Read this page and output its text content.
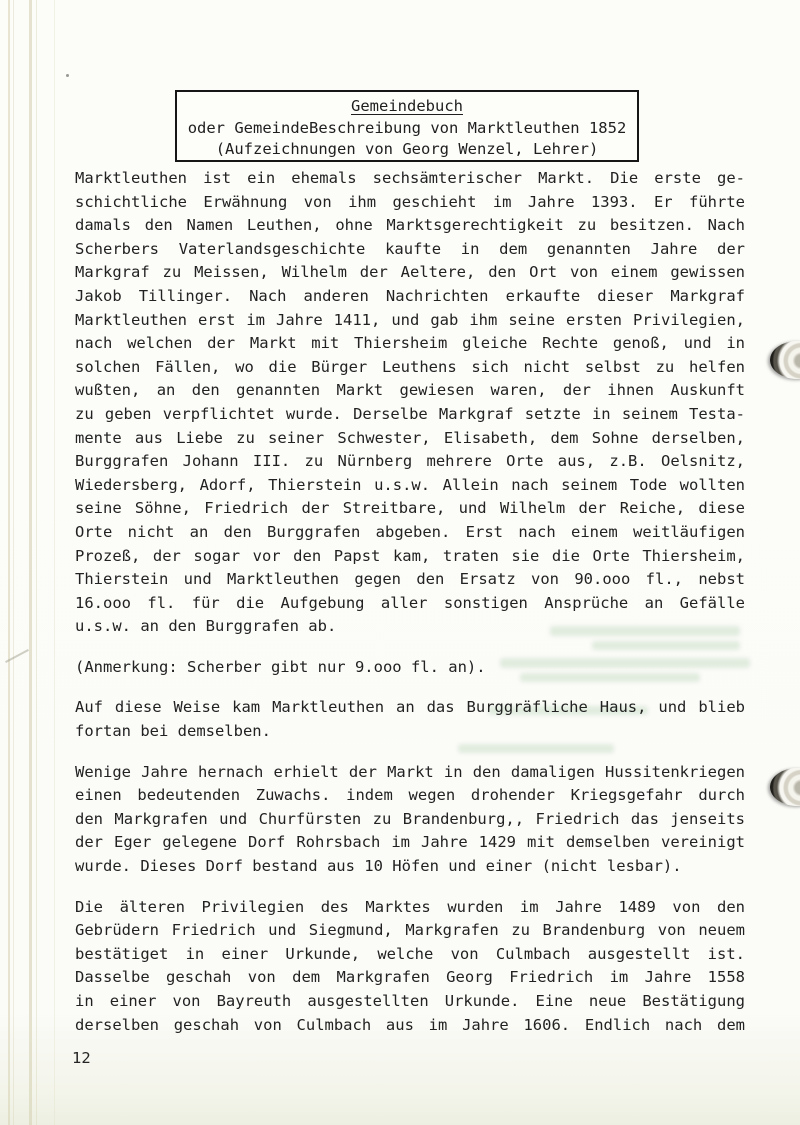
Gemeindebuch
oder GemeindeBeschreibung von Marktleuthen 1852
(Aufzeichnungen von Georg Wenzel, Lehrer)
Marktleuthen ist ein ehemals sechsämterischer Markt. Die erste ge-
schichtliche Erwähnung von ihm geschieht im Jahre 1393. Er führte
damals den Namen Leuthen, ohne Marktsgerechtigkeit zu besitzen. Nach
Scherbers Vaterlandsgeschichte kaufte in dem genannten Jahre der
Markgraf zu Meissen, Wilhelm der Aeltere, den Ort von einem gewissen
Jakob Tillinger. Nach anderen Nachrichten erkaufte dieser Markgraf
Marktleuthen erst im Jahre 1411, und gab ihm seine ersten Privilegien,
nach welchen der Markt mit Thiersheim gleiche Rechte genoß, und in
solchen Fällen, wo die Bürger Leuthens sich nicht selbst zu helfen
wußten, an den genannten Markt gewiesen waren, der ihnen Auskunft
zu geben verpflichtet wurde. Derselbe Markgraf setzte in seinem Testa-
mente aus Liebe zu seiner Schwester, Elisabeth, dem Sohne derselben,
Burggrafen Johann III. zu Nürnberg mehrere Orte aus, z.B. Oelsnitz,
Wiedersberg, Adorf, Thierstein u.s.w. Allein nach seinem Tode wollten
seine Söhne, Friedrich der Streitbare, und Wilhelm der Reiche, diese
Orte nicht an den Burggrafen abgeben. Erst nach einem weitläufigen
Prozeß, der sogar vor den Papst kam, traten sie die Orte Thiersheim,
Thierstein und Marktleuthen gegen den Ersatz von 90.ooo fl., nebst
16.ooo fl. für die Aufgebung aller sonstigen Ansprüche an Gefälle
u.s.w. an den Burggrafen ab.
(Anmerkung: Scherber gibt nur 9.ooo fl. an).
Auf diese Weise kam Marktleuthen an das Burggräfliche Haus, und blieb
fortan bei demselben.
Wenige Jahre hernach erhielt der Markt in den damaligen Hussitenkriegen
einen bedeutenden Zuwachs. indem wegen drohender Kriegsgefahr durch
den Markgrafen und Churfürsten zu Brandenburg,, Friedrich das jenseits
der Eger gelegene Dorf Rohrsbach im Jahre 1429 mit demselben vereinigt
wurde. Dieses Dorf bestand aus 10 Höfen und einer (nicht lesbar).
Die älteren Privilegien des Marktes wurden im Jahre 1489 von den
Gebrüdern Friedrich und Siegmund, Markgrafen zu Brandenburg von neuem
bestätiget in einer Urkunde, welche von Culmbach ausgestellt ist.
Dasselbe geschah von dem Markgrafen Georg Friedrich im Jahre 1558
in einer von Bayreuth ausgestellten Urkunde. Eine neue Bestätigung
derselben geschah von Culmbach aus im Jahre 1606. Endlich nach dem
12
